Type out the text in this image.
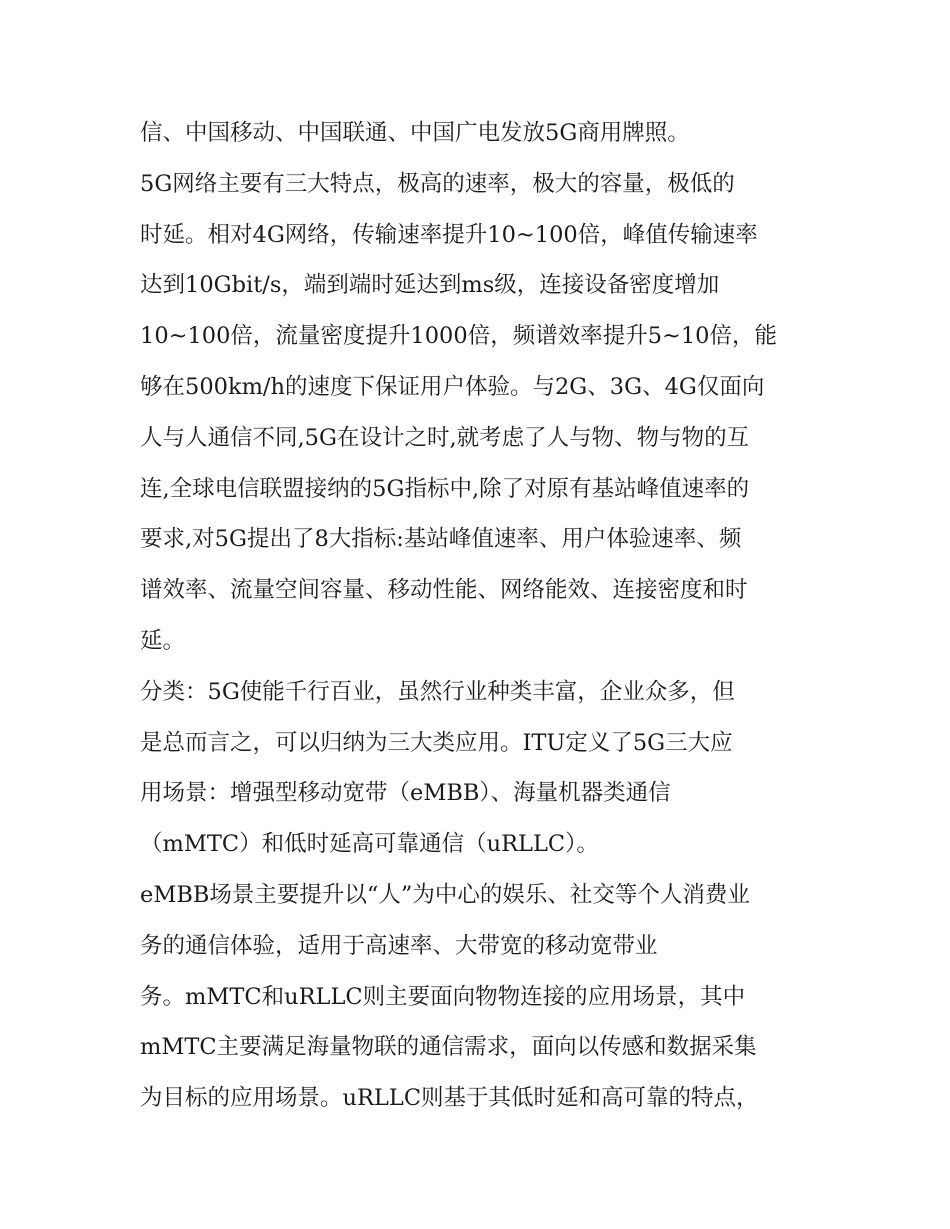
信、中国移动、中国联通、中国广电发放5G商用牌照。
5G网络主要有三大特点，极高的速率，极大的容量，极低的
时延。相对4G网络，传输速率提升10~100倍，峰值传输速率
达到10Gbit/s，端到端时延达到ms级，连接设备密度增加
10~100倍，流量密度提升1000倍，频谱效率提升5~10倍，能
够在500km/h的速度下保证用户体验。与2G、3G、4G仅面向
人与人通信不同,5G在设计之时,就考虑了人与物、物与物的互
连,全球电信联盟接纳的5G指标中,除了对原有基站峰值速率的
要求,对5G提出了8大指标:基站峰值速率、用户体验速率、频
谱效率、流量空间容量、移动性能、网络能效、连接密度和时
延。
分类：5G使能千行百业，虽然行业种类丰富，企业众多，但
是总而言之，可以归纳为三大类应用。ITU定义了5G三大应
用场景：增强型移动宽带（eMBB）、海量机器类通信
（mMTC）和低时延高可靠通信（uRLLC）。
eMBB场景主要提升以“人”为中心的娱乐、社交等个人消费业
务的通信体验，适用于高速率、大带宽的移动宽带业
务。mMTC和uRLLC则主要面向物物连接的应用场景，其中
mMTC主要满足海量物联的通信需求，面向以传感和数据采集
为目标的应用场景。uRLLC则基于其低时延和高可靠的特点，
